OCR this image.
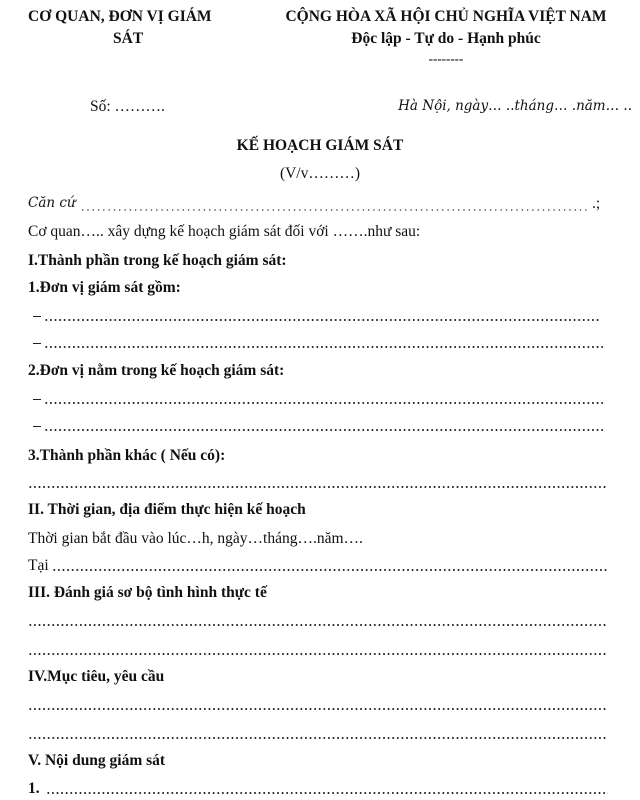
CƠ QUAN, ĐƠN VỊ GIÁM
SÁT
CỘNG HÒA XÃ HỘI CHỦ NGHĨA VIỆT NAM
Độc lập - Tự do - Hạnh phúc
--------
Số: ……….	Hà Nội, ngày… ..tháng… .năm… ..
KẾ HOẠCH GIÁM SÁT
(V/v………)
Căn cứ	.;
Cơ quan….. xây dựng kế hoạch giám sát đối với …….như sau:
I.Thành phần trong kế hoạch giám sát:
1.Đơn vị giám sát gồm:
2.Đơn vị nằm trong kế hoạch giám sát:
3.Thành phần khác ( Nếu có):
II. Thời gian, địa điểm thực hiện kế hoạch
Thời gian bắt đầu vào lúc…h, ngày…tháng….năm….
Tại
III. Đánh giá sơ bộ tình hình thực tế
IV.Mục tiêu, yêu cầu
V. Nội dung giám sát
1.
